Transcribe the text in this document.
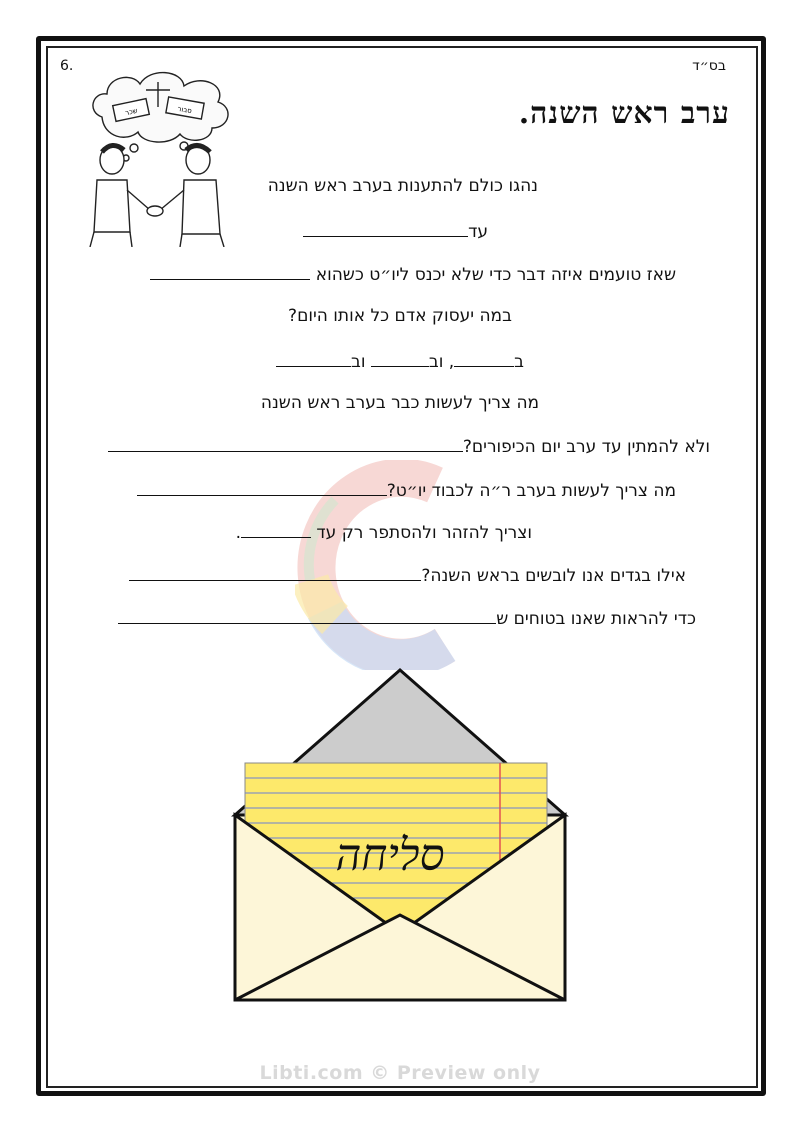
בס״ד
6.
ערב ראש השנה.
שכר	סבור
נהגו כולם להתענות בערב ראש השנה
עד
שאז טועמים איזה דבר כדי שלא יכנס ליו״ט כשהוא
במה יעסוק אדם כל אותו היום?
ב, וב וב
מה צריך לעשות כבר בערב ראש השנה
ולא להמתין עד ערב יום הכיפורים?
מה צריך לעשות בערב ר״ה לכבוד יו״ט?
וצריך להזהר ולהסתפר רק עד .
אילו בגדים אנו לובשים בראש השנה?
כדי להראות שאנו בטוחים ש
סליחה
Libti.com © Preview only
